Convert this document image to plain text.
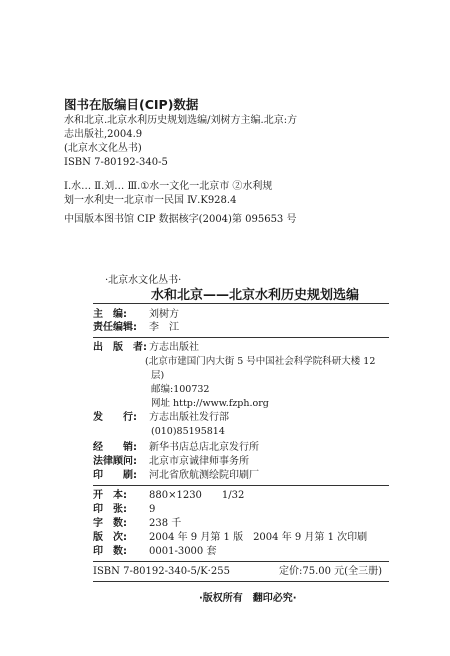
图书在版编目(CIP)数据
水和北京.北京水利历史规划选编/刘树方主编.北京:方
志出版社,2004.9
(北京水文化丛书)
ISBN 7-80192-340-5
Ⅰ.水… Ⅱ.刘… Ⅲ.①水一文化一北京市 ②水利规
划一水利史一北京市一民国 Ⅳ.K928.4
中国版本图书馆 CIP 数据核字(2004)第 095653 号
·北京水文化丛书·
水和北京——北京水利历史规划选编
主　编: 刘树方
责任编辑: 李　江
出　版　者: 方志出版社
(北京市建国门内大街 5 号中国社会科学院科研大楼 12
层)
邮编:100732
网址 http://www.fzph.org
发　　行: 方志出版社发行部
(010)85195814
经　　销: 新华书店总店北京发行所
法律顾问: 北京市京诚律师事务所
印　　刷: 河北省欣航测绘院印刷厂
开　本: 880×1230　　1/32
印　张: 9
字　数: 238 千
版　次: 2004 年 9 月第 1 版　2004 年 9 月第 1 次印刷
印　数: 0001-3000 套
ISBN 7-80192-340-5/K·255	定价:75.00 元(全三册)
·版权所有　翻印必究·
